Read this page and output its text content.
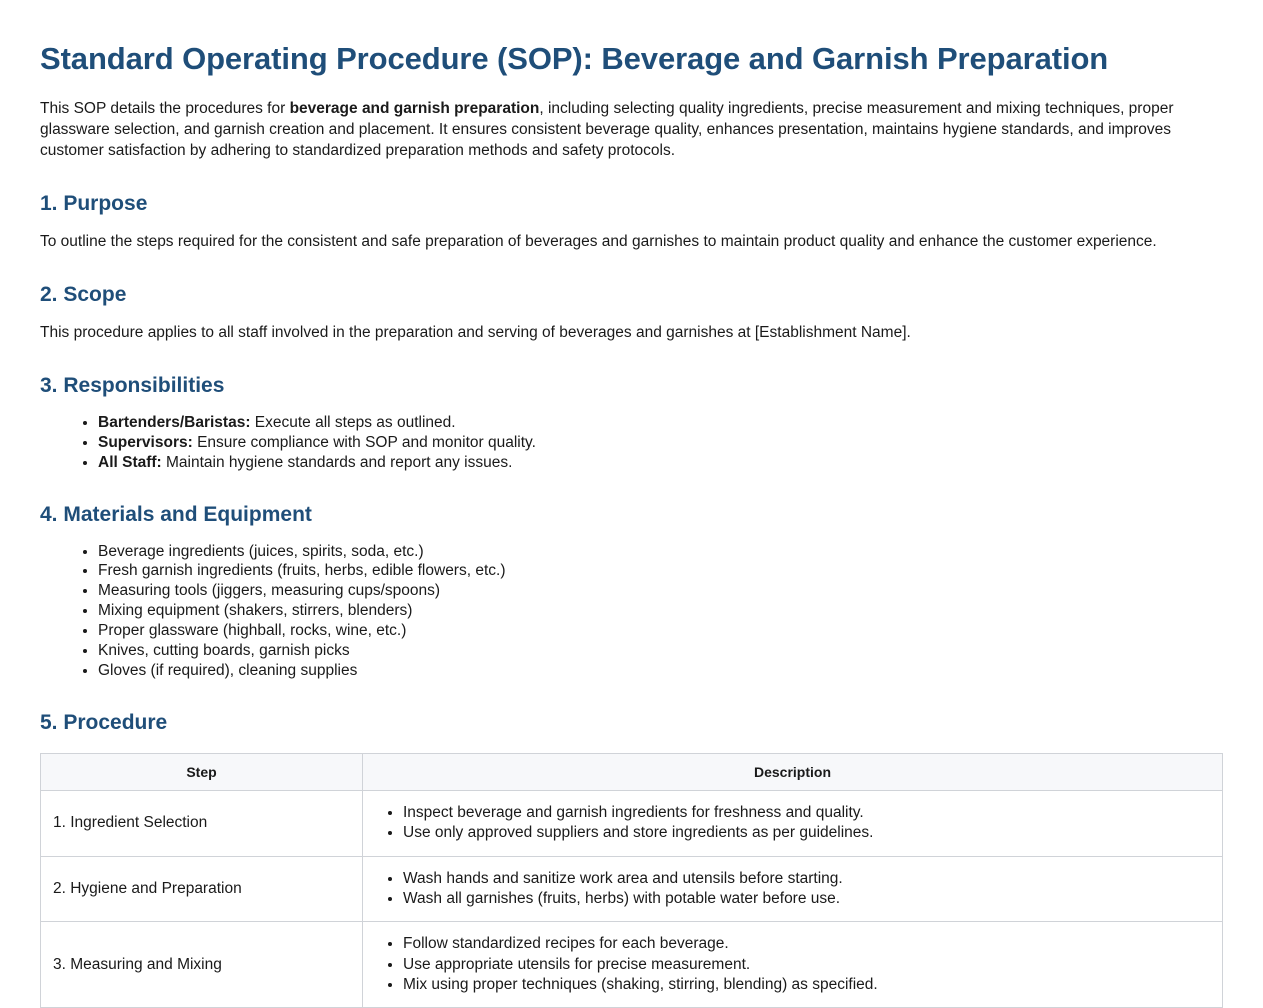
Standard Operating Procedure (SOP): Beverage and Garnish Preparation

This SOP details the procedures for beverage and garnish preparation, including selecting quality ingredients, precise measurement and mixing techniques, proper glassware selection, and garnish creation and placement. It ensures consistent beverage quality, enhances presentation, maintains hygiene standards, and improves customer satisfaction by adhering to standardized preparation methods and safety protocols.

1. Purpose

To outline the steps required for the consistent and safe preparation of beverages and garnishes to maintain product quality and enhance the customer experience.

2. Scope

This procedure applies to all staff involved in the preparation and serving of beverages and garnishes at [Establishment Name].

3. Responsibilities
• Bartenders/Baristas: Execute all steps as outlined.
• Supervisors: Ensure compliance with SOP and monitor quality.
• All Staff: Maintain hygiene standards and report any issues.
4. Materials and Equipment
• Beverage ingredients (juices, spirits, soda, etc.)
• Fresh garnish ingredients (fruits, herbs, edible flowers, etc.)
• Measuring tools (jiggers, measuring cups/spoons)
• Mixing equipment (shakers, stirrers, blenders)
• Proper glassware (highball, rocks, wine, etc.)
• Knives, cutting boards, garnish picks
• Gloves (if required), cleaning supplies
5. Procedure
Step	Description
1. Ingredient Selection	
• Inspect beverage and garnish ingredients for freshness and quality.
• Use only approved suppliers and store ingredients as per guidelines.

2. Hygiene and Preparation	
• Wash hands and sanitize work area and utensils before starting.
• Wash all garnishes (fruits, herbs) with potable water before use.

3. Measuring and Mixing	
• Follow standardized recipes for each beverage.
• Use appropriate utensils for precise measurement.
• Mix using proper techniques (shaking, stirring, blending) as specified.
